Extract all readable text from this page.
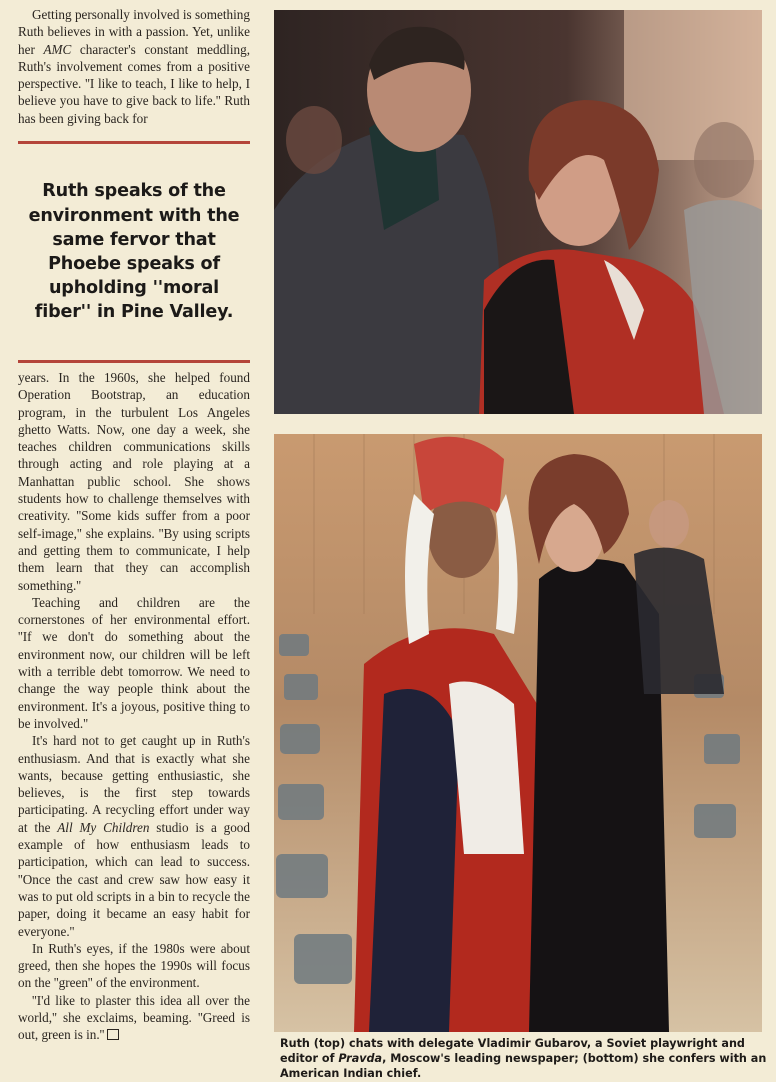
Getting personally involved is something Ruth believes in with a passion. Yet, unlike her AMC character's constant meddling, Ruth's involvement comes from a positive perspective. ''I like to teach, I like to help, I believe you have to give back to life.'' Ruth has been giving back for

Ruth speaks of the environment with the same fervor that Phoebe speaks of upholding ''moral fiber'' in Pine Valley.

years. In the 1960s, she helped found Operation Bootstrap, an education program, in the turbulent Los Angeles ghetto Watts. Now, one day a week, she teaches children communications skills through acting and role playing at a Manhattan public school. She shows students how to challenge themselves with creativity. ''Some kids suffer from a poor self-image,'' she explains. ''By using scripts and getting them to communicate, I help them learn that they can accomplish something.''

Teaching and children are the cornerstones of her environmental effort. ''If we don't do something about the environment now, our children will be left with a terrible debt tomorrow. We need to change the way people think about the environment. It's a joyous, positive thing to be involved.''

It's hard not to get caught up in Ruth's enthusiasm. And that is exactly what she wants, because getting enthusiastic, she believes, is the first step towards participating. A recycling effort under way at the All My Children studio is a good example of how enthusiasm leads to participation, which can lead to success. ''Once the cast and crew saw how easy it was to put old scripts in a bin to recycle the paper, doing it became an easy habit for everyone.''

In Ruth's eyes, if the 1980s were about greed, then she hopes the 1990s will focus on the ''green'' of the environment.

''I'd like to plaster this idea all over the world,'' she exclaims, beaming. ''Greed is out, green is in.''

Ruth (top) chats with delegate Vladimir Gubarov, a Soviet playwright and editor of Pravda, Moscow's leading newspaper; (bottom) she confers with an American Indian chief.
